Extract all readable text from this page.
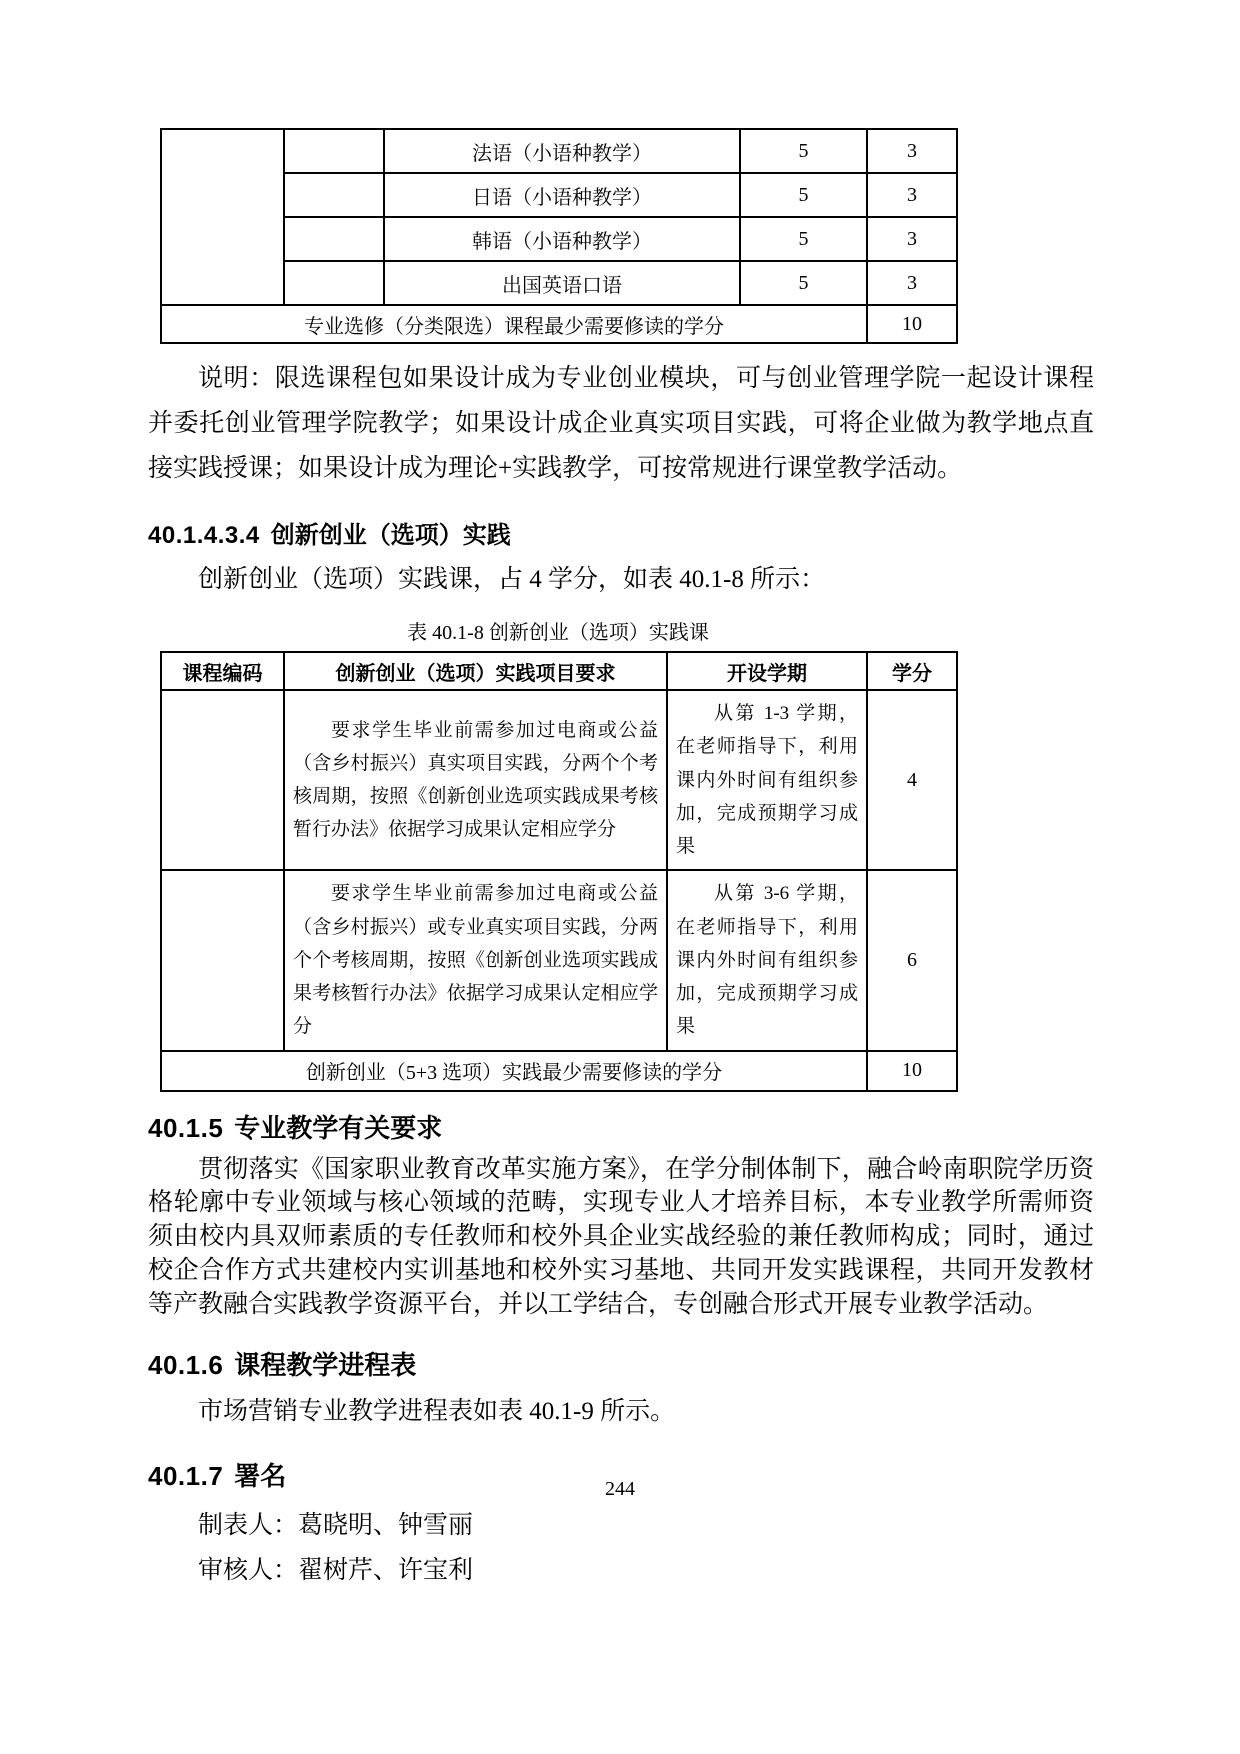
		法语（小语种教学）	5	3
		日语（小语种教学）	5	3
		韩语（小语种教学）	5	3
		出国英语口语	5	3
专业选修（分类限选）课程最少需要修读的学分				10

说明：限选课程包如果设计成为专业创业模块，可与创业管理学院一起设计课程并委托创业管理学院教学；如果设计成企业真实项目实践，可将企业做为教学地点直接实践授课；如果设计成为理论+实践教学，可按常规进行课堂教学活动。

40.1.4.3.4 创新创业（选项）实践

创新创业（选项）实践课，占 4 学分，如表 40.1-8 所示：

表 40.1-8 创新创业（选项）实践课
课程编码	创新创业（选项）实践项目要求	开设学期	学分
	要求学生毕业前需参加过电商或公益（含乡村振兴）真实项目实践，分两个个考核周期，按照《创新创业选项实践成果考核暂行办法》依据学习成果认定相应学分	从第 1-3 学期，在老师指导下，利用课内外时间有组织参加，完成预期学习成果	4
	要求学生毕业前需参加过电商或公益（含乡村振兴）或专业真实项目实践，分两个个考核周期，按照《创新创业选项实践成果考核暂行办法》依据学习成果认定相应学分	从第 3-6 学期，在老师指导下，利用课内外时间有组织参加，完成预期学习成果	6
创新创业（5+3 选项）实践最少需要修读的学分			10
40.1.5 专业教学有关要求

贯彻落实《国家职业教育改革实施方案》，在学分制体制下，融合岭南职院学历资格轮廓中专业领域与核心领域的范畴，实现专业人才培养目标，本专业教学所需师资须由校内具双师素质的专任教师和校外具企业实战经验的兼任教师构成；同时，通过校企合作方式共建校内实训基地和校外实习基地、共同开发实践课程，共同开发教材等产教融合实践教学资源平台，并以工学结合，专创融合形式开展专业教学活动。

40.1.6 课程教学进程表

市场营销专业教学进程表如表 40.1-9 所示。

40.1.7 署名

制表人：葛晓明、钟雪丽

审核人：翟树芹、许宝利

244
